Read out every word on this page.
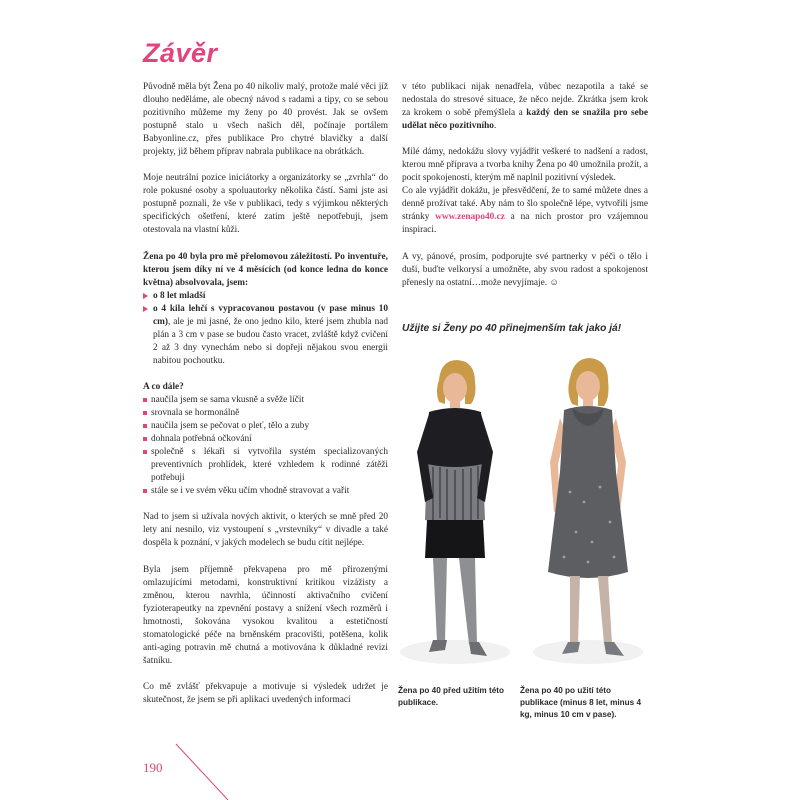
Závěr

Původně měla být Žena po 40 nikoliv malý, protože malé věci jíž dlouho neděláme, ale obecný návod s radami a tipy, co se sebou pozitivního můžeme my ženy po 40 provést. Jak se ovšem postupně stalo u všech našich děl, počínaje portálem Babyonline.cz, přes publikace Pro chytré blavičky a další projekty, již během příprav nabrala publikace na obrátkách.

Moje neutrální pozice iniciátorky a organizátorky se „zvrhla“ do role pokusné osoby a spoluautorky několika částí. Sami jste asi postupně poznali, že vše v publikaci, tedy s výjimkou některých specifických ošetření, které zatím ještě nepotřebuji, jsem otestovala na vlastní kůži.

Žena po 40 byla pro mě přelomovou záležitostí. Po inventuře, kterou jsem díky ní ve 4 měsících (od konce ledna do konce května) absolvovala, jsem:

o 8 let mladší
o 4 kila lehčí s vypracovanou postavou (v pase minus 10 cm), ale je mi jasné, že ono jedno kilo, které jsem zhubla nad plán a 3 cm v pase se budou často vracet, zvláště když cvičení 2 až 3 dny vynechám nebo si dopřeji nějakou svou energii nabitou pochoutku.

A co dále?

naučila jsem se sama vkusně a svěže líčit
srovnala se hormonálně
naučila jsem se pečovat o pleť, tělo a zuby
dohnala potřebná očkování
společně s lékaři si vytvořila systém specializovaných preventivních prohlídek, které vzhledem k rodinné zátěži potřebuji
stále se i ve svém věku učím vhodně stravovat a vařit

Nad to jsem si užívala nových aktivit, o kterých se mně před 20 lety ani nesnilo, viz vystoupení s „vrstevníky“ v divadle a také dospěla k poznání, v jakých modelech se budu cítit nejlépe.

Byla jsem příjemně překvapena pro mě přirozenými omlazujícími metodami, konstruktivní kritikou vizážisty a změnou, kterou navrhla, účinností aktivačního cvičení fyzioterapeutky na zpevnění postavy a snížení všech rozměrů i hmotnosti, šokována vysokou kvalitou a estetičností stomatologické péče na brněnském pracovišti, potěšena, kolik anti-aging potravin mě chutná a motivována k důkladné revizi šatníku.

Co mě zvlášť překvapuje a motivuje si výsledek udržet je skutečnost, že jsem se při aplikaci uvedených informací

v této publikaci nijak nenadřela, vůbec nezapotila a také se nedostala do stresové situace, že něco nejde. Zkrátka jsem krok za krokem o sobě přemýšlela a každý den se snažila pro sebe udělat něco pozitivního.

Milé dámy, nedokážu slovy vyjádřit veškeré to nadšení a radost, kterou mně příprava a tvorba knihy Žena po 40 umožnila prožít, a pocit spokojenosti, kterým mě naplnil pozitivní výsledek.

Co ale vyjádřit dokážu, je přesvědčení, že to samé můžete dnes a denně prožívat také. Aby nám to šlo společně lépe, vytvořili jsme stránky www.zenapo40.cz a na nich prostor pro vzájemnou inspiraci.

A vy, pánové, prosím, podporujte své partnerky v péči o tělo i duši, buďte velkorysí a umožněte, aby svou radost a spokojenost přenesly na ostatní…može nevyjímaje. ☺

Užijte si Ženy po 40 přinejmenším tak jako já!

Žena po 40 před užitím této publikace.

Žena po 40 po užití této publikace (minus 8 let, minus 4 kg, minus 10 cm v pase).

190
